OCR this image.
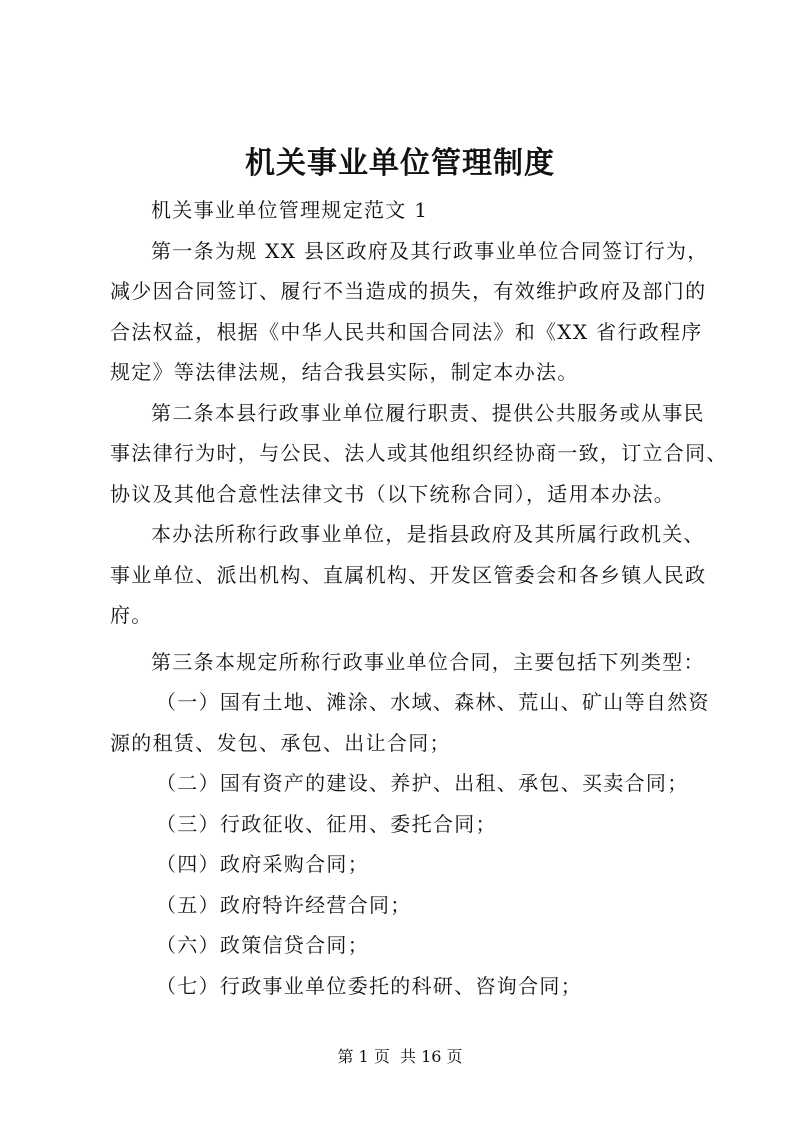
机关事业单位管理制度
机关事业单位管理规定范文 1
第一条为规 XX 县区政府及其行政事业单位合同签订行为，
减少因合同签订、履行不当造成的损失，有效维护政府及部门的
合法权益，根据《中华人民共和国合同法》和《XX 省行政程序
规定》等法律法规，结合我县实际，制定本办法。
第二条本县行政事业单位履行职责、提供公共服务或从事民
事法律行为时，与公民、法人或其他组织经协商一致，订立合同、
协议及其他合意性法律文书（以下统称合同），适用本办法。
本办法所称行政事业单位，是指县政府及其所属行政机关、
事业单位、派出机构、直属机构、开发区管委会和各乡镇人民政
府。
第三条本规定所称行政事业单位合同，主要包括下列类型：
（一）国有土地、滩涂、水域、森林、荒山、矿山等自然资
源的租赁、发包、承包、出让合同；
（二）国有资产的建设、养护、出租、承包、买卖合同；
（三）行政征收、征用、委托合同；
（四）政府采购合同；
（五）政府特许经营合同；
（六）政策信贷合同；
（七）行政事业单位委托的科研、咨询合同；
第 1 页  共 16 页
